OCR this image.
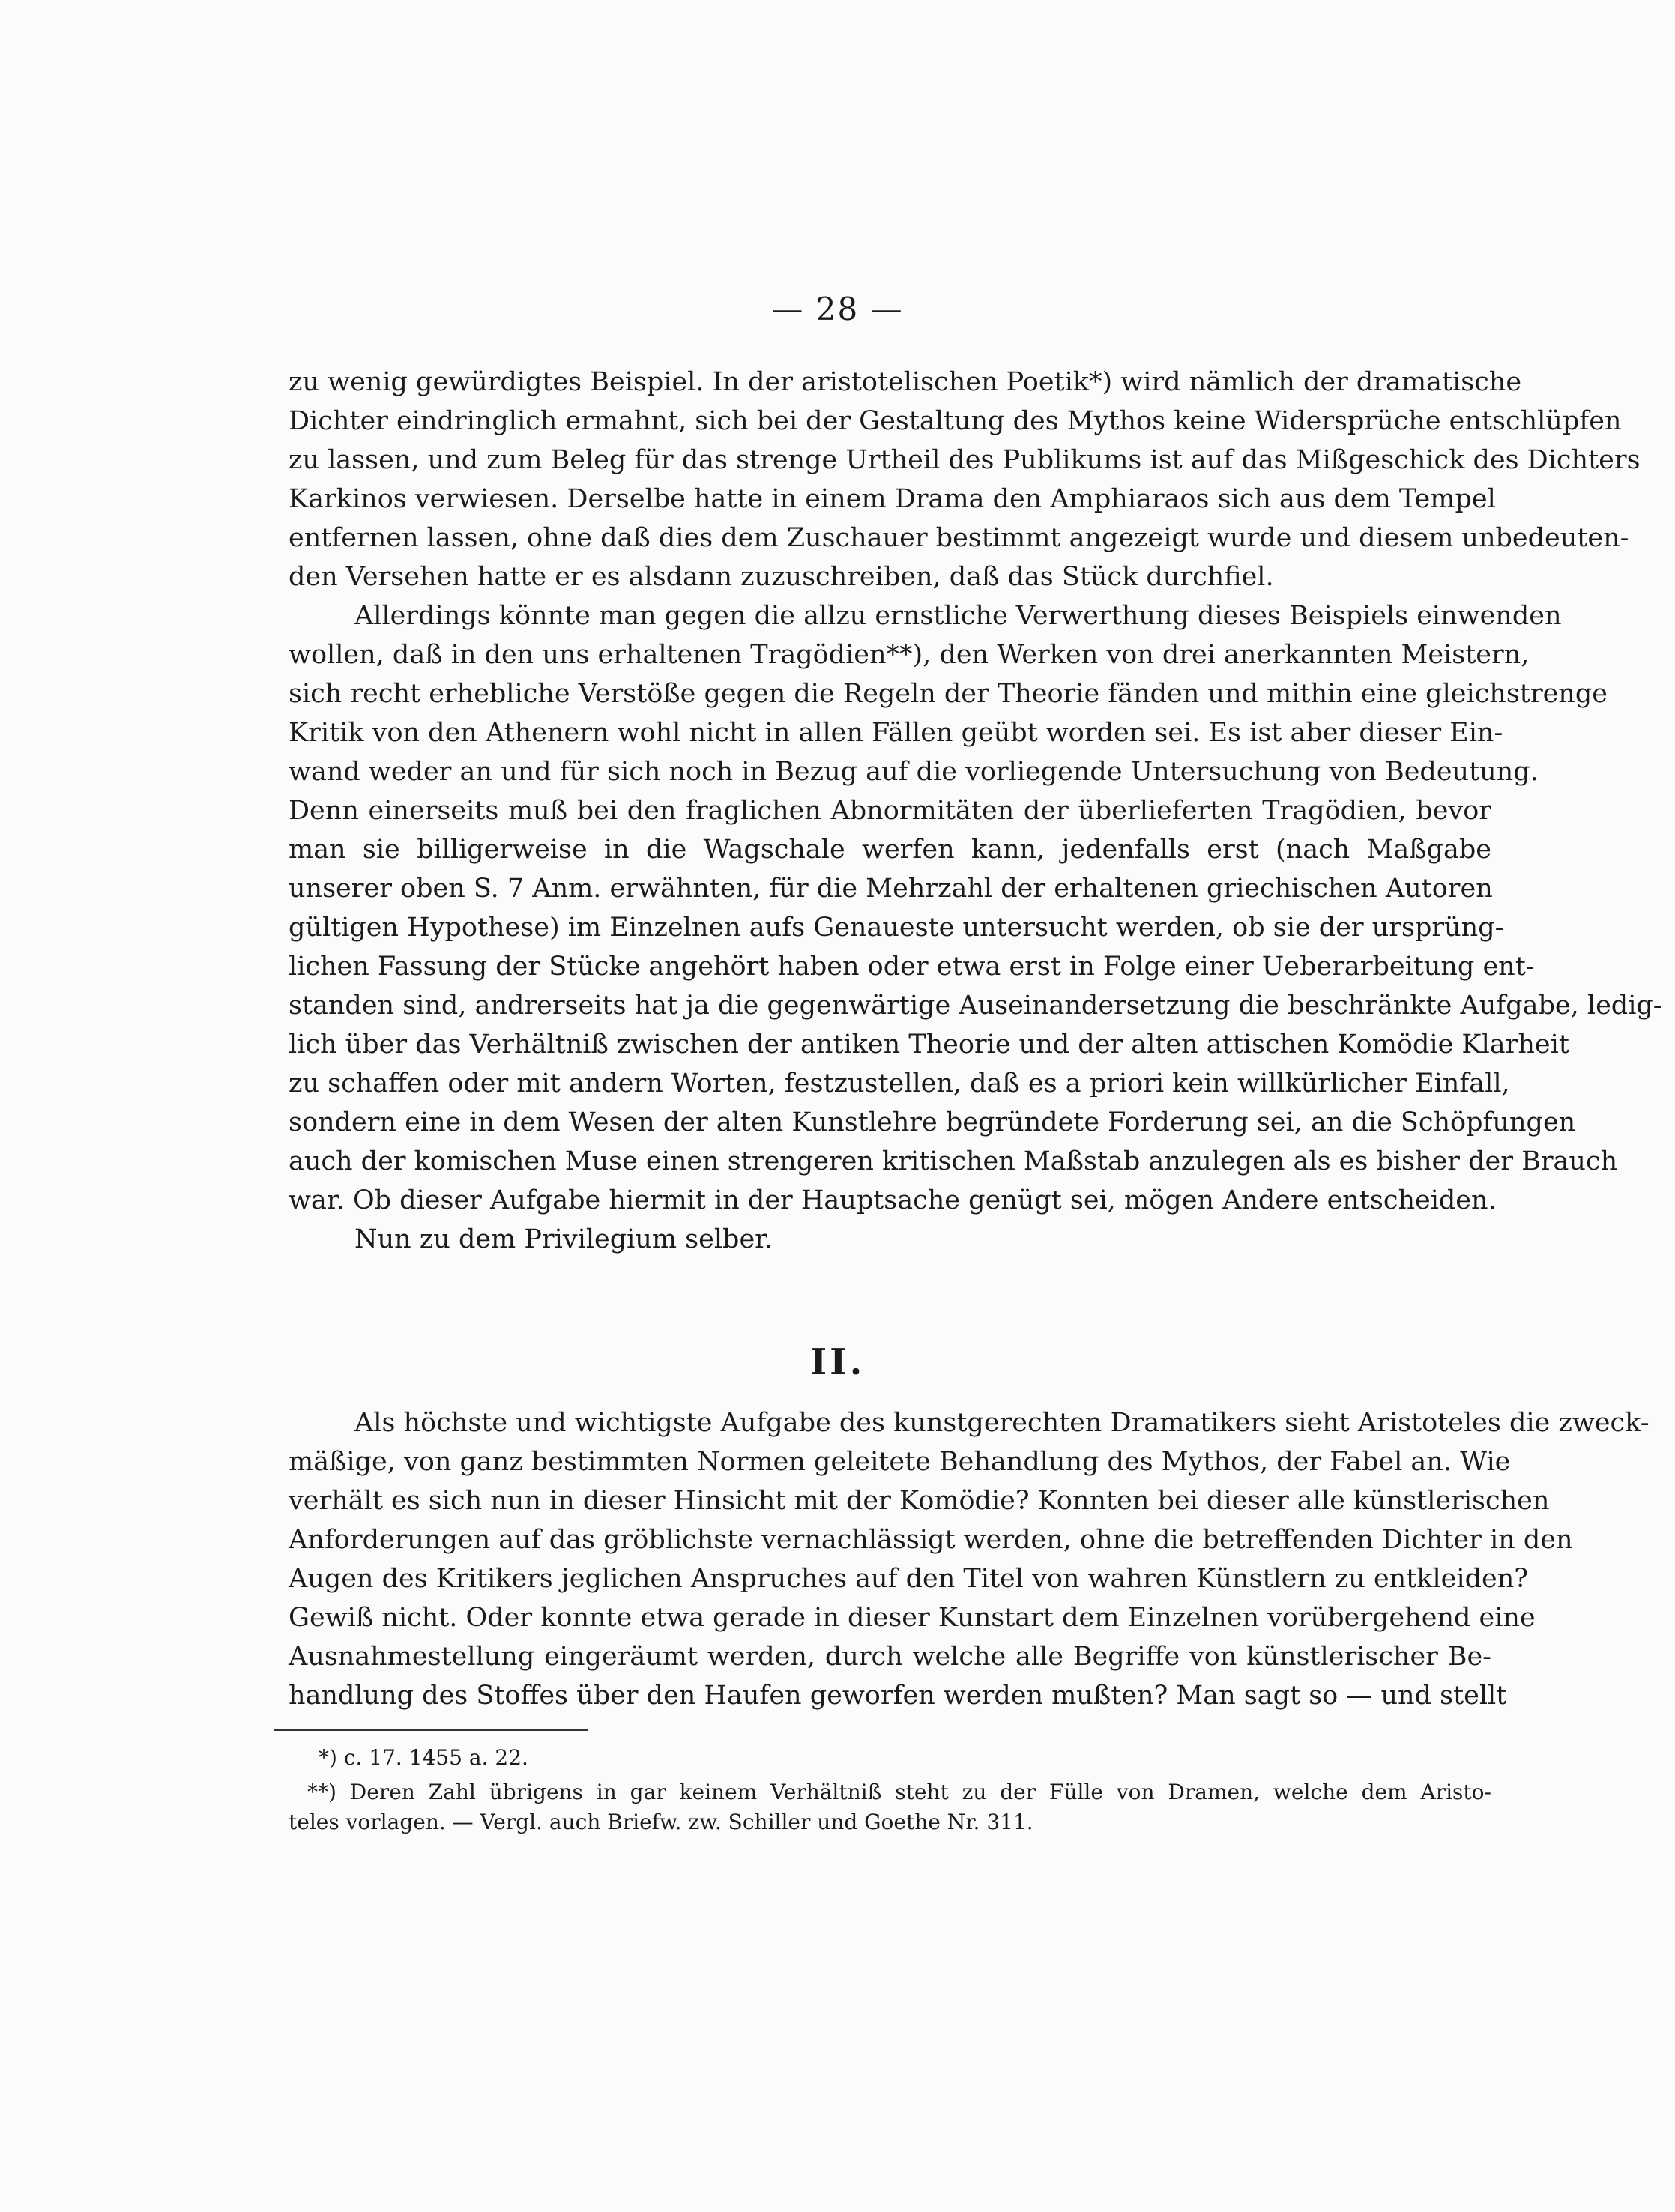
— 28 —
zu wenig gewürdigtes Beispiel. In der aristotelischen Poetik*) wird nämlich der dramatische
Dichter eindringlich ermahnt, sich bei der Gestaltung des Mythos keine Widersprüche entschlüpfen
zu lassen, und zum Beleg für das strenge Urtheil des Publikums ist auf das Mißgeschick des Dichters
Karkinos verwiesen. Derselbe hatte in einem Drama den Amphiaraos sich aus dem Tempel
entfernen lassen, ohne daß dies dem Zuschauer bestimmt angezeigt wurde und diesem unbedeuten-
den Versehen hatte er es alsdann zuzuschreiben, daß das Stück durchfiel.
Allerdings könnte man gegen die allzu ernstliche Verwerthung dieses Beispiels einwenden
wollen, daß in den uns erhaltenen Tragödien**), den Werken von drei anerkannten Meistern,
sich recht erhebliche Verstöße gegen die Regeln der Theorie fänden und mithin eine gleichstrenge
Kritik von den Athenern wohl nicht in allen Fällen geübt worden sei. Es ist aber dieser Ein-
wand weder an und für sich noch in Bezug auf die vorliegende Untersuchung von Bedeutung.
Denn einerseits muß bei den fraglichen Abnormitäten der überlieferten Tragödien, bevor
man sie billigerweise in die Wagschale werfen kann, jedenfalls erst (nach Maßgabe
unserer oben S. 7 Anm. erwähnten, für die Mehrzahl der erhaltenen griechischen Autoren
gültigen Hypothese) im Einzelnen aufs Genaueste untersucht werden, ob sie der ursprüng-
lichen Fassung der Stücke angehört haben oder etwa erst in Folge einer Ueberarbeitung ent-
standen sind, andrerseits hat ja die gegenwärtige Auseinandersetzung die beschränkte Aufgabe, ledig-
lich über das Verhältniß zwischen der antiken Theorie und der alten attischen Komödie Klarheit
zu schaffen oder mit andern Worten, festzustellen, daß es a priori kein willkürlicher Einfall,
sondern eine in dem Wesen der alten Kunstlehre begründete Forderung sei, an die Schöpfungen
auch der komischen Muse einen strengeren kritischen Maßstab anzulegen als es bisher der Brauch
war. Ob dieser Aufgabe hiermit in der Hauptsache genügt sei, mögen Andere entscheiden.
Nun zu dem Privilegium selber.
II.
Als höchste und wichtigste Aufgabe des kunstgerechten Dramatikers sieht Aristoteles die zweck-
mäßige, von ganz bestimmten Normen geleitete Behandlung des Mythos, der Fabel an. Wie
verhält es sich nun in dieser Hinsicht mit der Komödie? Konnten bei dieser alle künstlerischen
Anforderungen auf das gröblichste vernachlässigt werden, ohne die betreffenden Dichter in den
Augen des Kritikers jeglichen Anspruches auf den Titel von wahren Künstlern zu entkleiden?
Gewiß nicht. Oder konnte etwa gerade in dieser Kunstart dem Einzelnen vorübergehend eine
Ausnahmestellung eingeräumt werden, durch welche alle Begriffe von künstlerischer Be-
handlung des Stoffes über den Haufen geworfen werden mußten? Man sagt so — und stellt
*) c. 17. 1455 a. 22.
**) Deren Zahl übrigens in gar keinem Verhältniß steht zu der Fülle von Dramen, welche dem Aristo-
teles vorlagen. — Vergl. auch Briefw. zw. Schiller und Goethe Nr. 311.
